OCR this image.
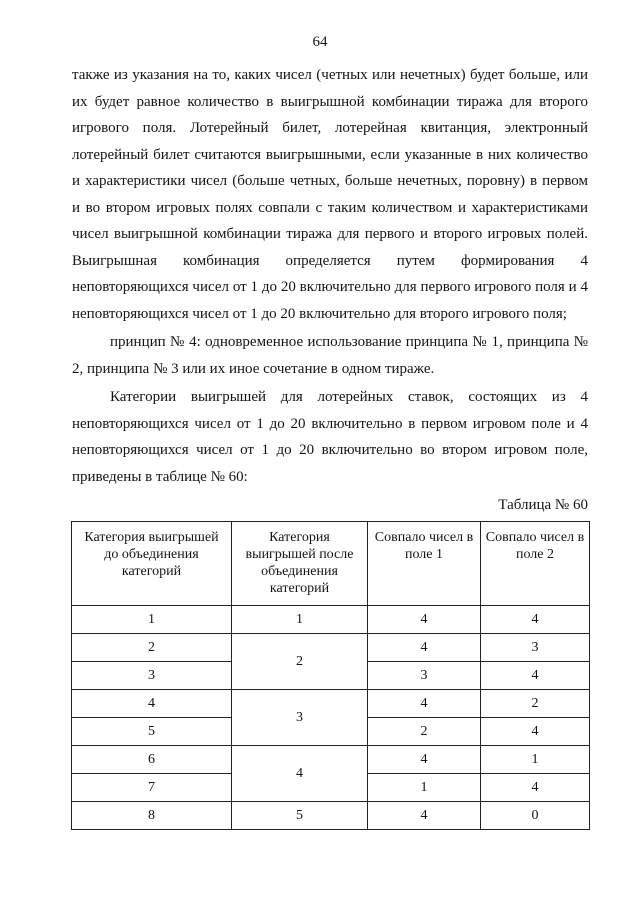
64

также из указания на то, каких чисел (четных или нечетных) будет больше, или их будет равное количество в выигрышной комбинации тиража для второго игрового поля. Лотерейный билет, лотерейная квитанция, электронный лотерейный билет считаются выигрышными, если указанные в них количество и характеристики чисел (больше четных, больше нечетных, поровну) в первом и во втором игровых полях совпали с таким количеством и характеристиками чисел выигрышной комбинации тиража для первого и второго игровых полей. Выигрышная комбинация определяется путем формирования 4 неповторяющихся чисел от 1 до 20 включительно для первого игрового поля и 4 неповторяющихся чисел от 1 до 20 включительно для второго игрового поля;

принцип № 4: одновременное использование принципа № 1, принципа № 2, принципа № 3 или их иное сочетание в одном тираже.

Категории выигрышей для лотерейных ставок, состоящих из 4 неповторяющихся чисел от 1 до 20 включительно в первом игровом поле и 4 неповторяющихся чисел от 1 до 20 включительно во втором игровом поле, приведены в таблице № 60:

Таблица № 60
Категория выигрышей до объединения категорий	Категория выигрышей после объединения категорий	Совпало чисел в поле 1	Совпало чисел в поле 2
1	1	4	4
2	2	4	3
3		3	4
4	3	4	2
5		2	4
6	4	4	1
7		1	4
8	5	4	0
